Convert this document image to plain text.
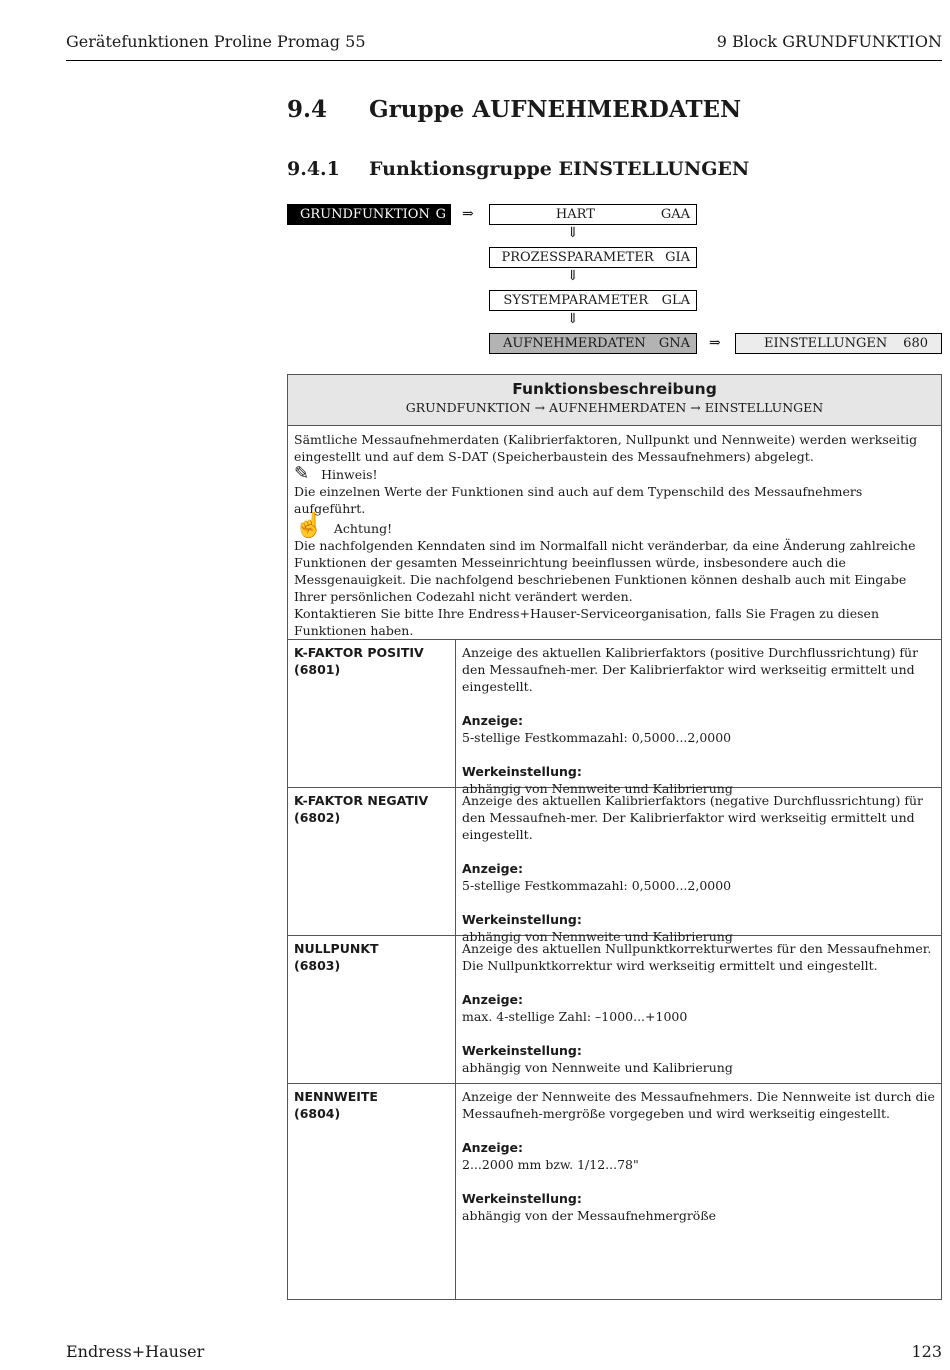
Gerätefunktionen Proline Promag 55	9 Block GRUNDFUNKTION
9.4 Gruppe AUFNEHMERDATEN
9.4.1 Funktionsgruppe EINSTELLUNGEN
GRUNDFUNKTION G	⇒	HART	GAA
⇓
PROZESSPARAMETER GIA
⇓
SYSTEMPARAMETER	GLA
⇓
AUFNEHMERDATEN	GNA	⇒	EINSTELLUNGEN	680
Funktionsbeschreibung
GRUNDFUNKTION → AUFNEHMERDATEN → EINSTELLUNGEN

Sämtliche Messaufnehmerdaten (Kalibrierfaktoren, Nullpunkt und Nennweite) werden werkseitig eingestellt und auf dem S-DAT (Speicherbaustein des Messaufnehmers) abgelegt.

✎ Hinweis!

Die einzelnen Werte der Funktionen sind auch auf dem Typenschild des Messaufnehmers aufgeführt.

☝ Achtung!

Die nachfolgenden Kenndaten sind im Normalfall nicht veränderbar, da eine Änderung zahlreiche Funktionen der gesamten Messeinrichtung beeinflussen würde, insbesondere auch die Messgenauigkeit. Die nachfolgend beschriebenen Funktionen können deshalb auch mit Eingabe Ihrer persönlichen Codezahl nicht verändert werden.

Kontaktieren Sie bitte Ihre Endress+Hauser-Serviceorganisation, falls Sie Fragen zu diesen Funktionen haben.

K-FAKTOR POSITIV
(6801)

Anzeige des aktuellen Kalibrierfaktors (positive Durchflussrichtung) für den Messaufneh-mer. Der Kalibrierfaktor wird werkseitig ermittelt und eingestellt.

Anzeige:

5-stellige Festkommazahl: 0,5000...2,0000

Werkeinstellung:

abhängig von Nennweite und Kalibrierung

K-FAKTOR NEGATIV
(6802)

Anzeige des aktuellen Kalibrierfaktors (negative Durchflussrichtung) für den Messaufneh-mer. Der Kalibrierfaktor wird werkseitig ermittelt und eingestellt.

Anzeige:

5-stellige Festkommazahl: 0,5000...2,0000

Werkeinstellung:

abhängig von Nennweite und Kalibrierung

NULLPUNKT
(6803)

Anzeige des aktuellen Nullpunktkorrekturwertes für den Messaufnehmer.

Die Nullpunktkorrektur wird werkseitig ermittelt und eingestellt.

Anzeige:

max. 4-stellige Zahl: –1000...+1000

Werkeinstellung:

abhängig von Nennweite und Kalibrierung

NENNWEITE
(6804)

Anzeige der Nennweite des Messaufnehmers. Die Nennweite ist durch die Messaufneh-mergröße vorgegeben und wird werkseitig eingestellt.

Anzeige:

2...2000 mm bzw. 1/12...78"

Werkeinstellung:

abhängig von der Messaufnehmergröße

Endress+Hauser	123
